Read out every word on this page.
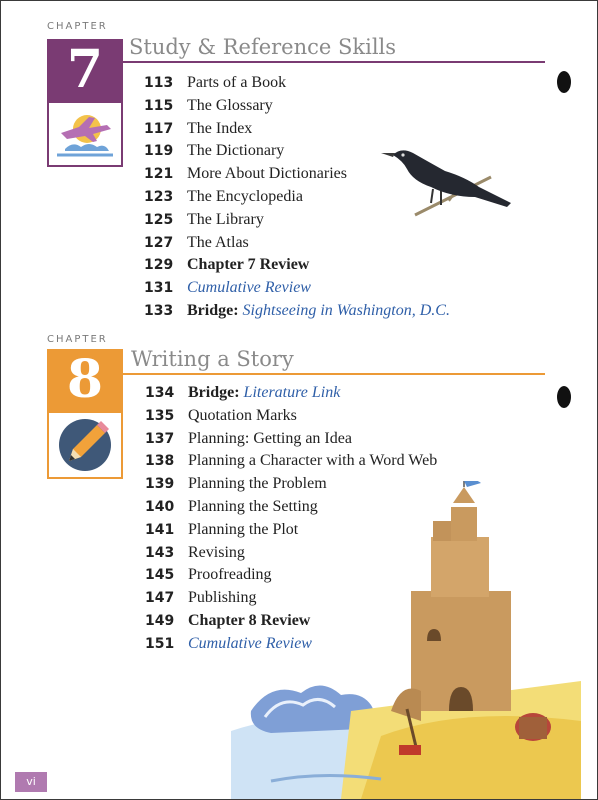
CHAPTER
7	Study & Reference Skills
113 Parts of a Book
115 The Glossary
117 The Index
119 The Dictionary
121 More About Dictionaries
123 The Encyclopedia
125 The Library
127 The Atlas
129 Chapter 7 Review
131 Cumulative Review
133 Bridge: Sightseeing in Washington, D.C.
CHAPTER
8	Writing a Story
134 Bridge: Literature Link
135 Quotation Marks
137 Planning: Getting an Idea
138 Planning a Character with a Word Web
139 Planning the Problem
140 Planning the Setting
141 Planning the Plot
143 Revising
145 Proofreading
147 Publishing
149 Chapter 8 Review
151 Cumulative Review
vi
